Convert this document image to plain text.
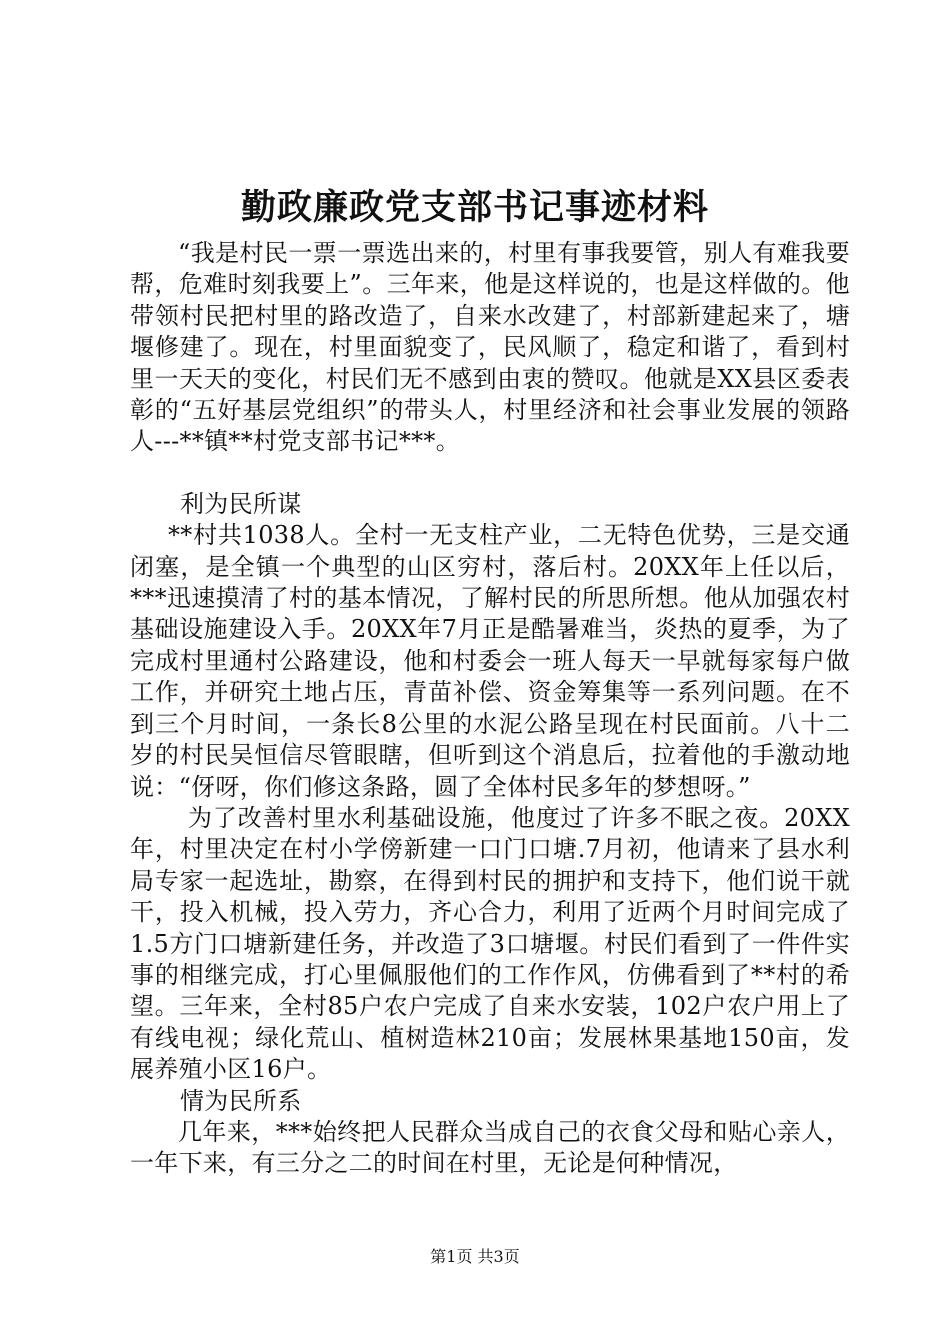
勤政廉政党支部书记事迹材料

“我是村民一票一票选出来的，村里有事我要管，别人有难我要帮，危难时刻我要上”。三年来，他是这样说的，也是这样做的。他带领村民把村里的路改造了，自来水改建了，村部新建起来了，塘堰修建了。现在，村里面貌变了，民风顺了，稳定和谐了，看到村里一天天的变化，村民们无不感到由衷的赞叹。他就是XX县区委表彰的“五好基层党组织”的带头人，村里经济和社会事业发展的领路人---**镇**村党支部书记***。

利为民所谋

**村共1038人。全村一无支柱产业，二无特色优势，三是交通闭塞，是全镇一个典型的山区穷村，落后村。20XX年上任以后，***迅速摸清了村的基本情况，了解村民的所思所想。他从加强农村基础设施建设入手。20XX年7月正是酷暑难当，炎热的夏季，为了完成村里通村公路建设，他和村委会一班人每天一早就每家每户做工作，并研究土地占压，青苗补偿、资金筹集等一系列问题。在不到三个月时间，一条长8公里的水泥公路呈现在村民面前。八十二岁的村民吴恒信尽管眼瞎，但听到这个消息后，拉着他的手激动地说：“伢呀，你们修这条路，圆了全体村民多年的梦想呀。”

为了改善村里水利基础设施，他度过了许多不眠之夜。20XX年，村里决定在村小学傍新建一口门口塘.7月初，他请来了县水利局专家一起选址，勘察，在得到村民的拥护和支持下，他们说干就干，投入机械，投入劳力，齐心合力，利用了近两个月时间完成了1.5方门口塘新建任务，并改造了3口塘堰。村民们看到了一件件实事的相继完成，打心里佩服他们的工作作风，仿佛看到了**村的希望。三年来，全村85户农户完成了自来水安装，102户农户用上了有线电视；绿化荒山、植树造林210亩；发展林果基地150亩，发展养殖小区16户。

情为民所系

几年来，***始终把人民群众当成自己的衣食父母和贴心亲人，一年下来，有三分之二的时间在村里，无论是何种情况，

第1页 共3页
